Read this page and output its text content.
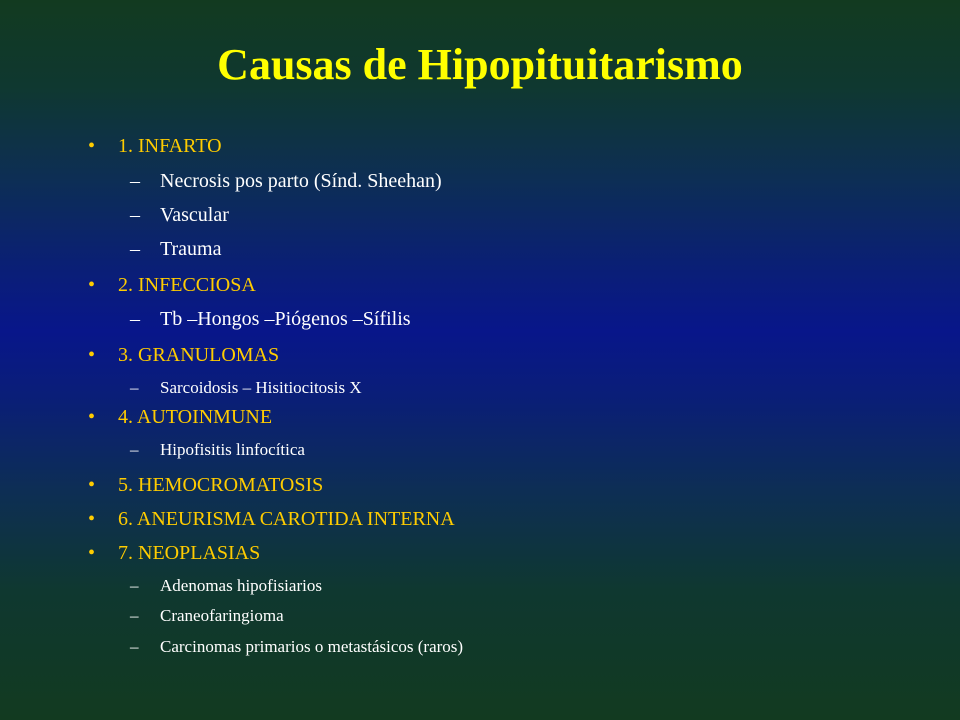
Causas de Hipopituitarismo
• 1. INFARTO
– Necrosis pos parto (Sínd. Sheehan)
– Vascular
– Trauma
• 2. INFECCIOSA
– Tb –Hongos –Piógenos –Sífilis
• 3. GRANULOMAS
– Sarcoidosis – Hisitiocitosis X
• 4. AUTOINMUNE
– Hipofisitis linfocítica
• 5. HEMOCROMATOSIS
• 6. ANEURISMA CAROTIDA INTERNA
• 7. NEOPLASIAS
– Adenomas hipofisiarios
– Craneofaringioma
– Carcinomas primarios o metastásicos (raros)
